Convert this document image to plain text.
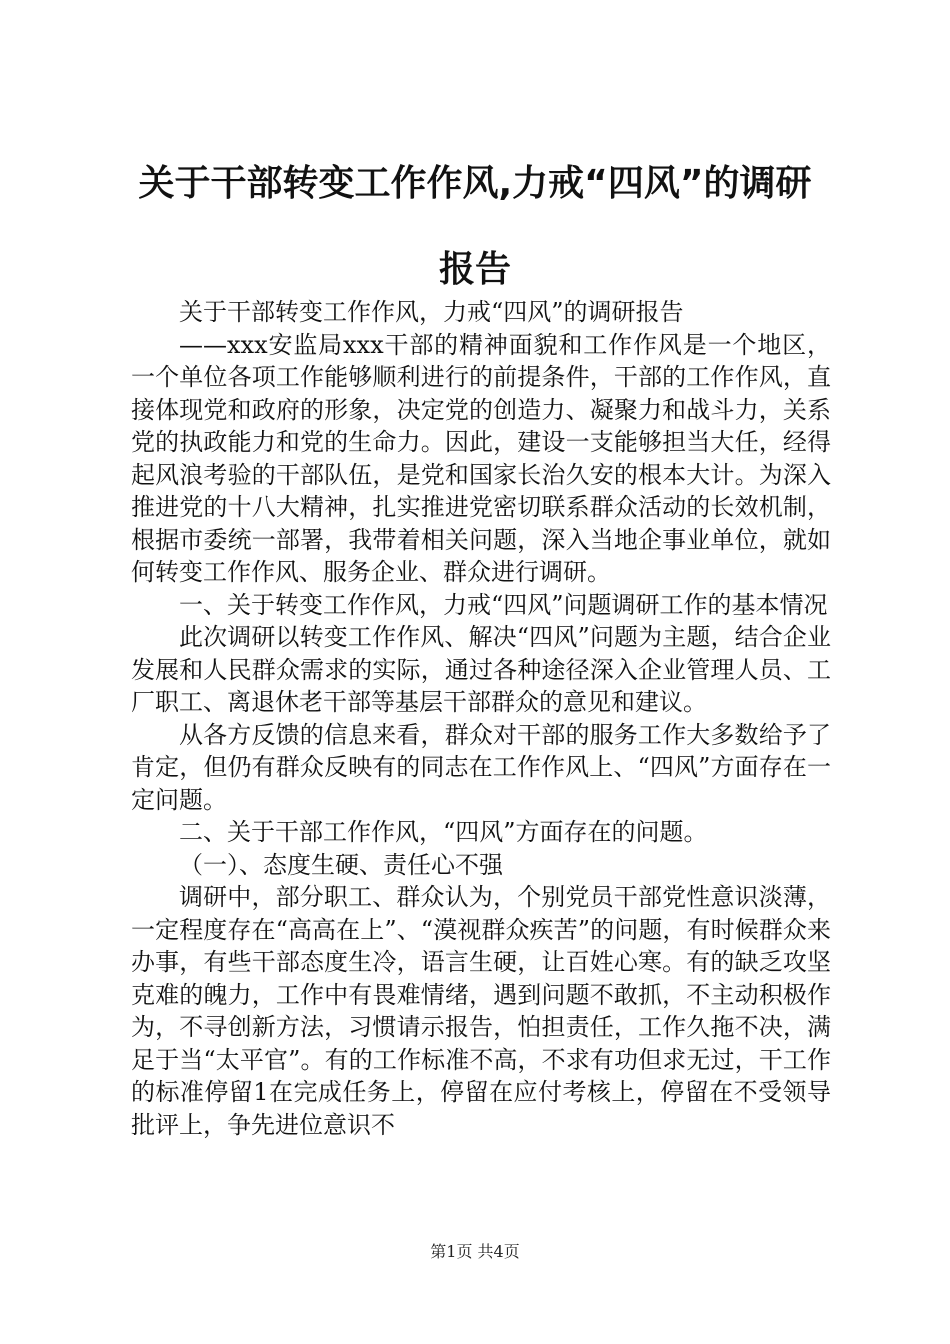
关于干部转变工作作风,力戒“四风”的调研
报告

关于干部转变工作作风，力戒“四风”的调研报告

——xxx安监局xxx干部的精神面貌和工作作风是一个地区，一个单位各项工作能够顺利进行的前提条件，干部的工作作风，直接体现党和政府的形象，决定党的创造力、凝聚力和战斗力，关系党的执政能力和党的生命力。因此，建设一支能够担当大任，经得起风浪考验的干部队伍，是党和国家长治久安的根本大计。为深入推进党的十八大精神，扎实推进党密切联系群众活动的长效机制，根据市委统一部署，我带着相关问题，深入当地企事业单位，就如何转变工作作风、服务企业、群众进行调研。

一、关于转变工作作风，力戒“四风”问题调研工作的基本情况

此次调研以转变工作作风、解决“四风”问题为主题，结合企业发展和人民群众需求的实际，通过各种途径深入企业管理人员、工厂职工、离退休老干部等基层干部群众的意见和建议。

从各方反馈的信息来看，群众对干部的服务工作大多数给予了肯定，但仍有群众反映有的同志在工作作风上、“四风”方面存在一定问题。

二、关于干部工作作风，“四风”方面存在的问题。

（一）、态度生硬、责任心不强

调研中，部分职工、群众认为，个别党员干部党性意识淡薄，一定程度存在“高高在上”、“漠视群众疾苦”的问题，有时候群众来办事，有些干部态度生冷，语言生硬，让百姓心寒。有的缺乏攻坚克难的魄力，工作中有畏难情绪，遇到问题不敢抓，不主动积极作为，不寻创新方法，习惯请示报告，怕担责任，工作久拖不决，满足于当“太平官”。有的工作标准不高，不求有功但求无过，干工作的标准停留1在完成任务上，停留在应付考核上，停留在不受领导批评上，争先进位意识不

第1页 共4页
